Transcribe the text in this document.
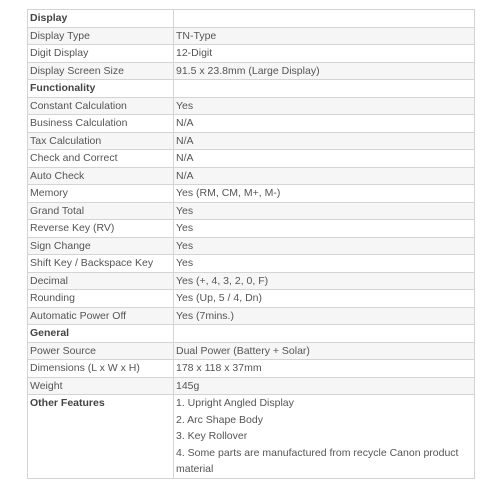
Display	
Display Type	TN-Type
Digit Display	12-Digit
Display Screen Size	91.5 x 23.8mm (Large Display)
Functionality	
Constant Calculation	Yes
Business Calculation	N/A
Tax Calculation	N/A
Check and Correct	N/A
Auto Check	N/A
Memory	Yes (RM, CM, M+, M-)
Grand Total	Yes
Reverse Key (RV)	Yes
Sign Change	Yes
Shift Key / Backspace Key	Yes
Decimal	Yes (+, 4, 3, 2, 0, F)
Rounding	Yes (Up, 5 / 4, Dn)
Automatic Power Off	Yes (7mins.)
General	
Power Source	Dual Power (Battery + Solar)
Dimensions (L x W x H)	178 x 118 x 37mm
Weight	145g
Other Features	1. Upright Angled Display
2. Arc Shape Body
3. Key Rollover
4. Some parts are manufactured from recycle Canon product
material
